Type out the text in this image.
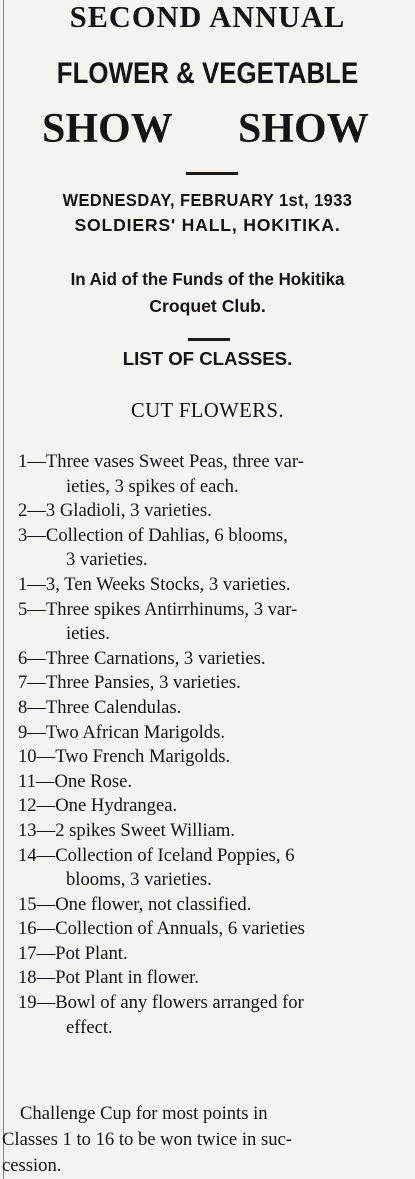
SECOND ANNUAL
FLOWER & VEGETABLE
SHOW SHOW
WEDNESDAY, FEBRUARY 1st, 1933
SOLDIERS' HALL, HOKITIKA.
In Aid of the Funds of the Hokitika
Croquet Club.
LIST OF CLASSES.
CUT FLOWERS.
1—Three vases Sweet Peas, three var-
ieties, 3 spikes of each.
2—3 Gladioli, 3 varieties.
3—Collection of Dahlias, 6 blooms,
3 varieties.
1—3, Ten Weeks Stocks, 3 varieties.
5—Three spikes Antirrhinums, 3 var-
ieties.
6—Three Carnations, 3 varieties.
7—Three Pansies, 3 varieties.
8—Three Calendulas.
9—Two African Marigolds.
10—Two French Marigolds.
11—One Rose.
12—One Hydrangea.
13—2 spikes Sweet William.
14—Collection of Iceland Poppies, 6
blooms, 3 varieties.
15—One flower, not classified.
16—Collection of Annuals, 6 varieties
17—Pot Plant.
18—Pot Plant in flower.
19—Bowl of any flowers arranged for
effect.
Challenge Cup for most points in
Classes 1 to 16 to be won twice in suc-
cession.
